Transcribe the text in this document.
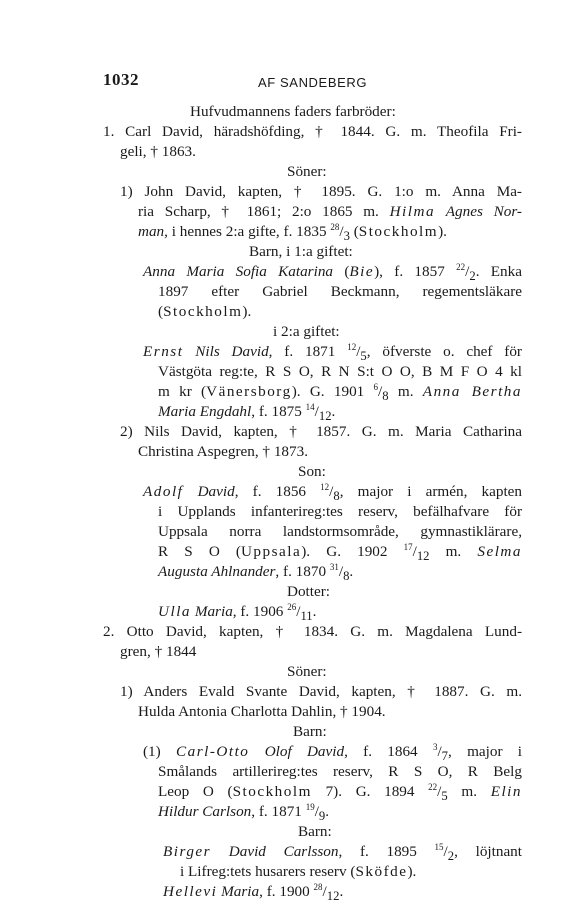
1032	AF SANDEBERG
Hufvudmannens faders farbröder:
1. Carl David, häradshöfding, † 1844. G. m. Theofila Fri-
geli, † 1863.
Söner:
1) John David, kapten, † 1895. G. 1:o m. Anna Ma-
ria Scharp, † 1861; 2:o 1865 m. Hilma Agnes Nor-
man, i hennes 2:a gifte, f. 1835 $^{28}/_3$ (Stockholm).
Barn, i 1:a giftet:
Anna Maria Sofia Katarina (Bie), f. 1857 $^{22}/_2$. Enka
1897 efter Gabriel Beckmann, regementsläkare
(Stockholm).
i 2:a giftet:
Ernst Nils David, f. 1871 $^{12}/_5$, öfverste o. chef för
Västgöta reg:te, R S O, R N S:t O O, B M F O 4 kl
m kr (Vänersborg). G. 1901 $^6/_8$ m. Anna Bertha
Maria Engdahl, f. 1875 $^{14}/_{12}$.
2) Nils David, kapten, † 1857. G. m. Maria Catharina
Christina Aspegren, † 1873.
Son:
Adolf David, f. 1856 $^{12}/_8$, major i armén, kapten
i Upplands infanterireg:tes reserv, befälhafvare för
Uppsala norra landstormsområde, gymnastiklärare,
R S O (Uppsala). G. 1902 $^{17}/_{12}$ m. Selma
Augusta Ahlnander, f. 1870 $^{31}/_8$.
Dotter:
Ulla Maria, f. 1906 $^{26}/_{11}$.
2. Otto David, kapten, † 1834. G. m. Magdalena Lund-
gren, † 1844
Söner:
1) Anders Evald Svante David, kapten, † 1887. G. m.
Hulda Antonia Charlotta Dahlin, † 1904.
Barn:
(1) Carl-Otto Olof David, f. 1864 $^3/_7$, major i
Smålands artillerireg:tes reserv, R S O, R Belg
Leop O (Stockholm 7). G. 1894 $^{22}/_5$ m. Elin
Hildur Carlson, f. 1871 $^{19}/_9$.
Barn:
Birger David Carlsson, f. 1895 $^{15}/_2$, löjtnant
i Lifreg:tets husarers reserv (Sköfde).
Hellevi Maria, f. 1900 $^{28}/_{12}$.
